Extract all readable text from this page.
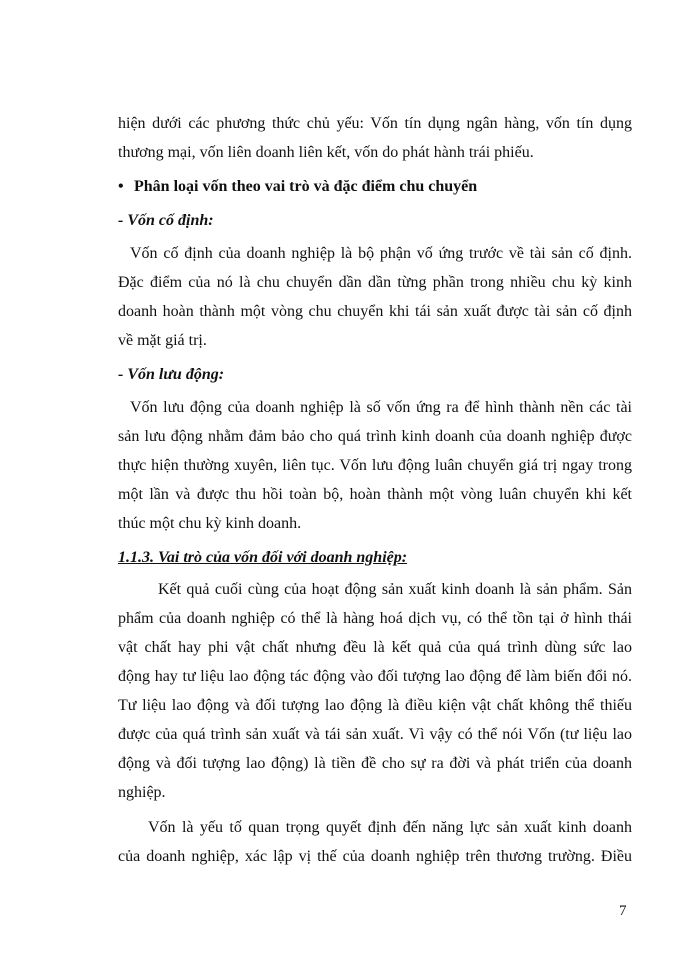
hiện dưới các phương thức chủ yếu: Vốn tín dụng ngân hàng, vốn tín dụng
thương mại, vốn liên doanh liên kết, vốn do phát hành trái phiếu.
• Phân loại vốn theo vai trò và đặc điểm chu chuyển
- Vốn cố định:
Vốn cố định của doanh nghiệp là bộ phận vố ứng trước về tài sản cố định.
Đặc điểm của nó là chu chuyển dần dần từng phần trong nhiều chu kỳ kinh
doanh hoàn thành một vòng chu chuyển khi tái sản xuất được tài sản cố định
về mặt giá trị.
- Vốn lưu động:
Vốn lưu động của doanh nghiệp là số vốn ứng ra để hình thành nền các tài
sản lưu động nhằm đảm bảo cho quá trình kinh doanh của doanh nghiệp được
thực hiện thường xuyên, liên tục. Vốn lưu động luân chuyển giá trị ngay trong
một lần và được thu hồi toàn bộ, hoàn thành một vòng luân chuyển khi kết
thúc một chu kỳ kinh doanh.
1.1.3. Vai trò của vốn đối với doanh nghiệp:
Kết quả cuối cùng của hoạt động sản xuất kinh doanh là sản phẩm. Sản
phẩm của doanh nghiệp có thể là hàng hoá dịch vụ, có thể tồn tại ở hình thái
vật chất hay phi vật chất nhưng đều là kết quả của quá trình dùng sức lao
động hay tư liệu lao động tác động vào đối tượng lao động để làm biến đổi nó.
Tư liệu lao động và đối tượng lao động là điều kiện vật chất không thể thiếu
được của quá trình sản xuất và tái sản xuất. Vì vậy có thể nói Vốn (tư liệu lao
động và đối tượng lao động) là tiền đề cho sự ra đời và phát triển của doanh
nghiệp.
Vốn là yếu tố quan trọng quyết định đến năng lực sản xuất kinh doanh
của doanh nghiệp, xác lập vị thế của doanh nghiệp trên thương trường. Điều
7
